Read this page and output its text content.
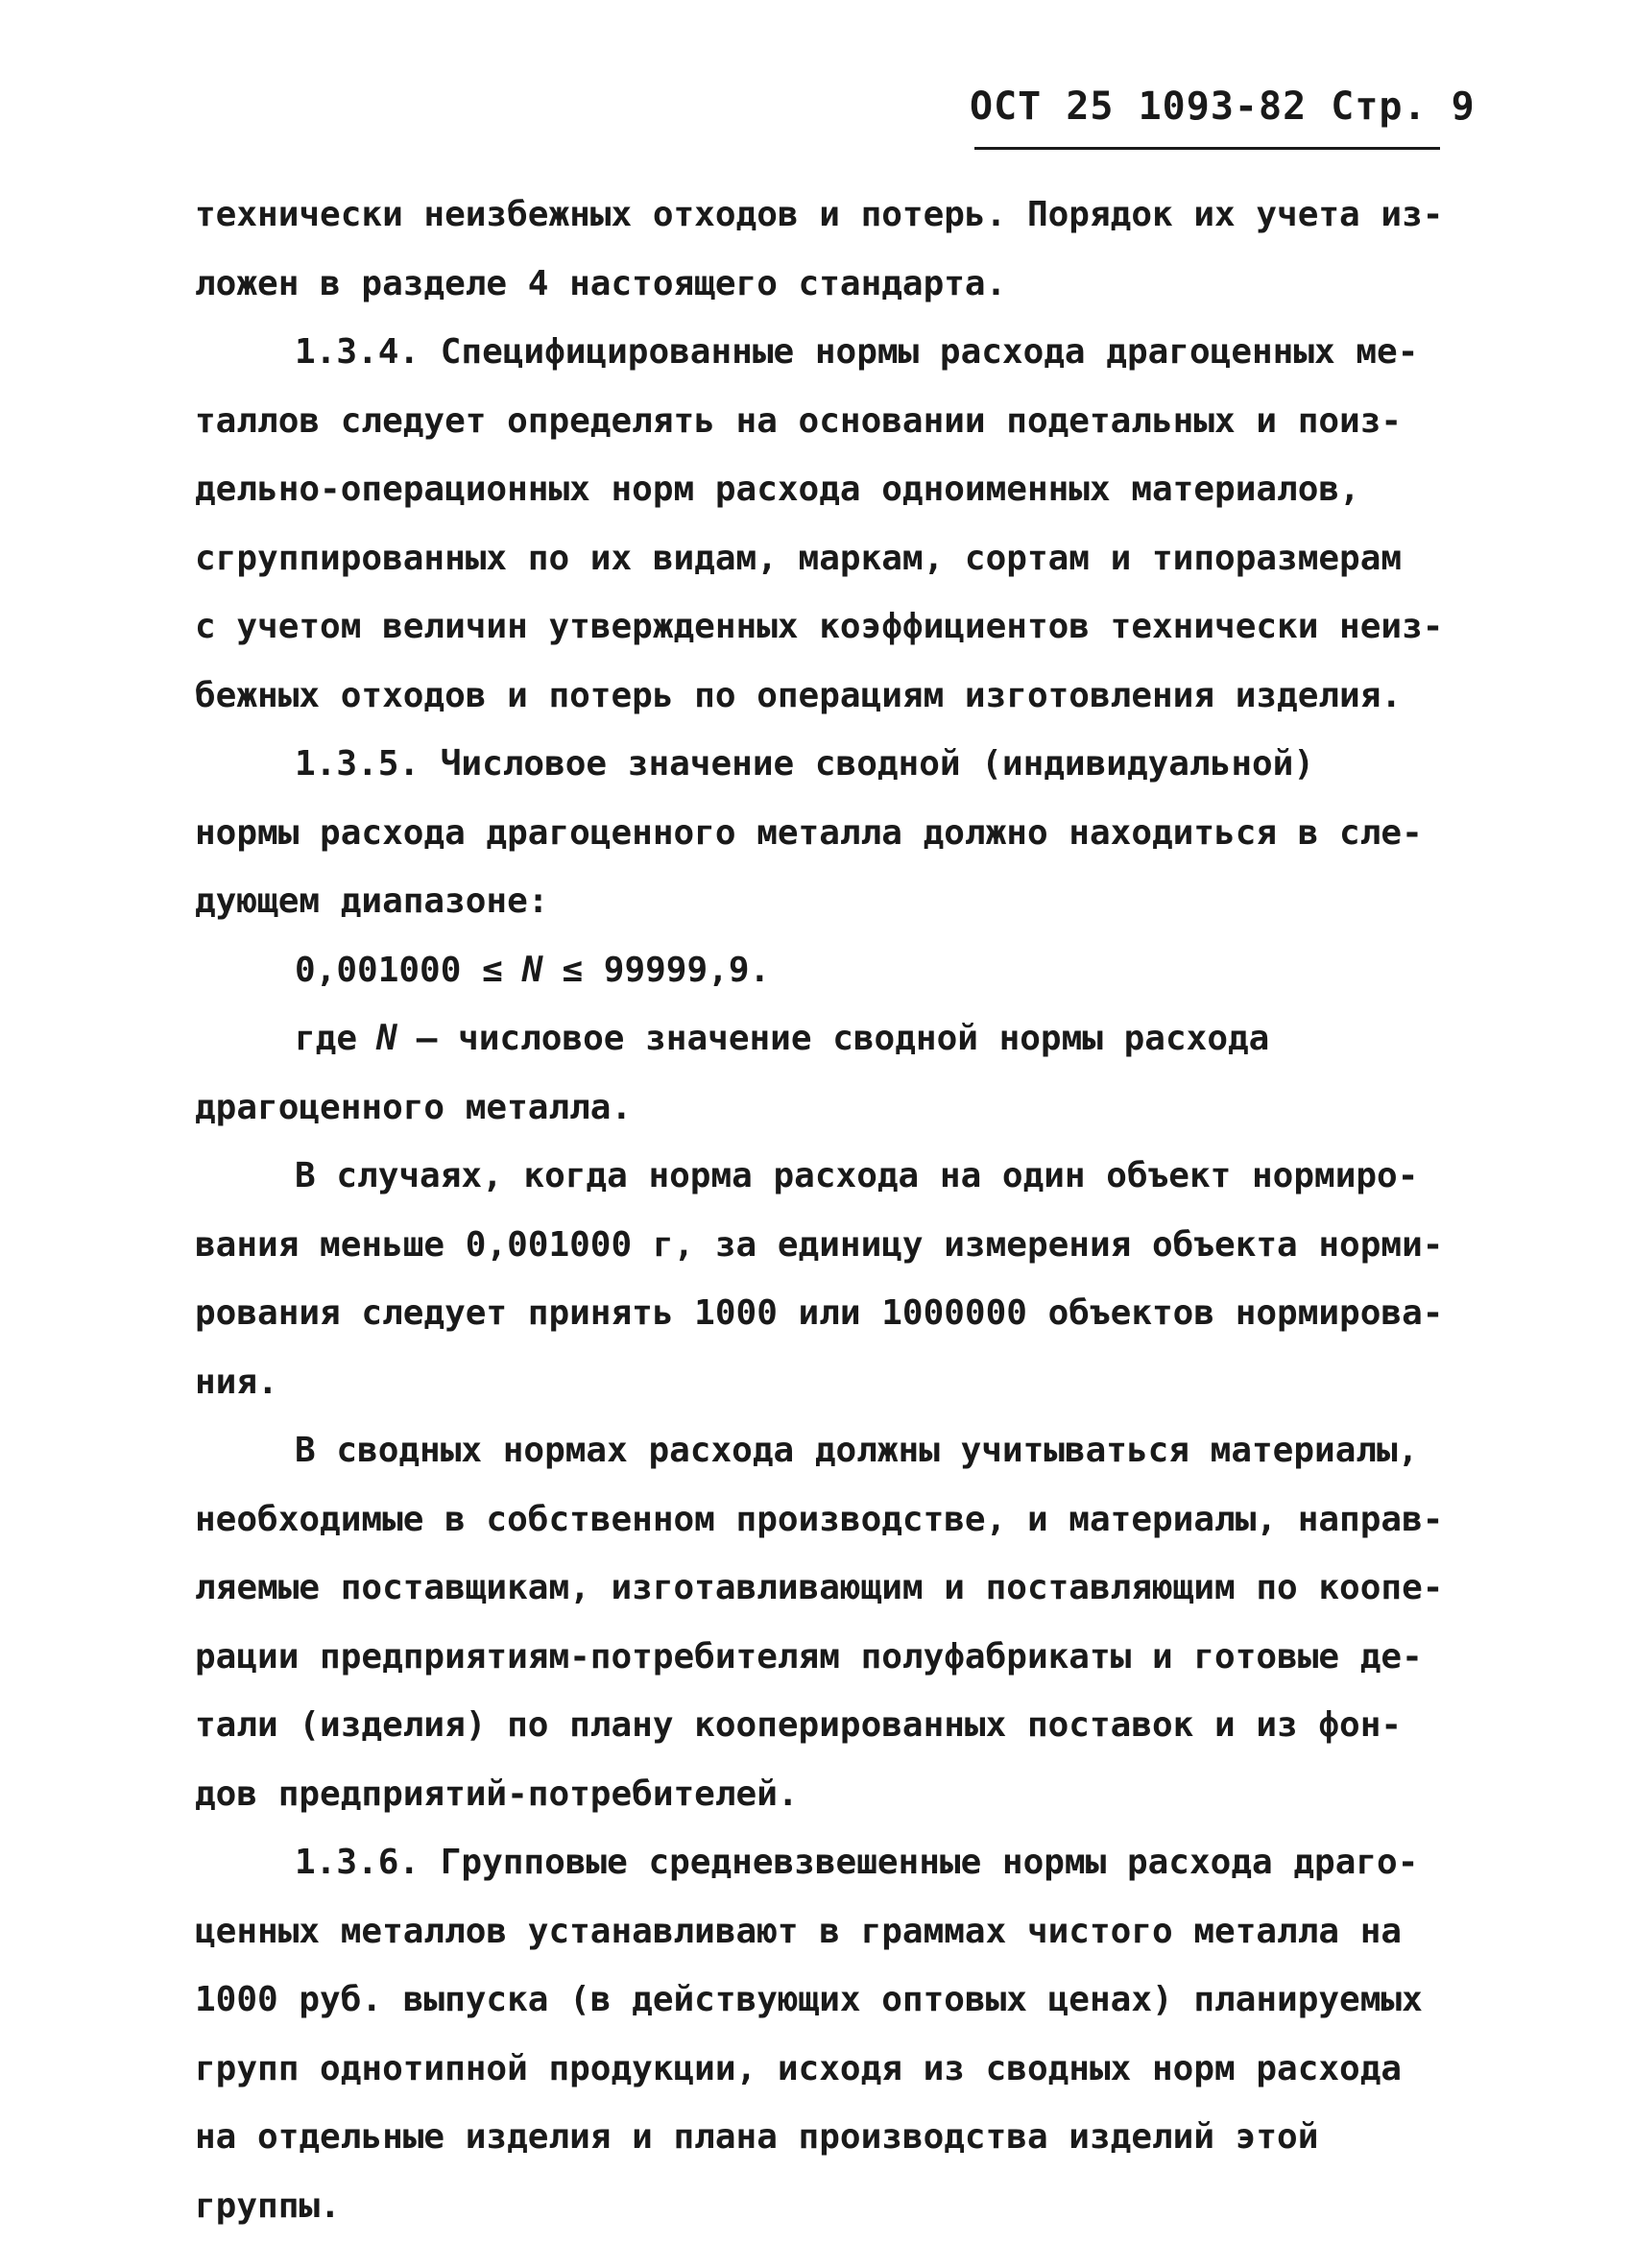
ОСТ 25 1093-82 Стр. 9
технически неизбежных отходов и потерь. Порядок их учета из-
ложен в разделе 4 настоящего стандарта.
1.3.4. Специфицированные нормы расхода драгоценных ме-
таллов следует определять на основании подетальных и поиз-
дельно-операционных норм расхода одноименных материалов,
сгруппированных по их видам, маркам, сортам и типоразмерам
с учетом величин утвержденных коэффициентов технически неиз-
бежных отходов и потерь по операциям изготовления изделия.
1.3.5. Числовое значение сводной (индивидуальной)
нормы расхода драгоценного металла должно находиться в сле-
дующем диапазоне:
0,001000 ≤ N ≤ 99999,9.
где N – числовое значение сводной нормы расхода
драгоценного металла.
В случаях, когда норма расхода на один объект нормиро-
вания меньше 0,001000 г, за единицу измерения объекта норми-
рования следует принять 1000 или 1000000 объектов нормирова-
ния.
В сводных нормах расхода должны учитываться материалы,
необходимые в собственном производстве, и материалы, направ-
ляемые поставщикам, изготавливающим и поставляющим по коопе-
рации предприятиям-потребителям полуфабрикаты и готовые де-
тали (изделия) по плану кооперированных поставок и из фон-
дов предприятий-потребителей.
1.3.6. Групповые средневзвешенные нормы расхода драго-
ценных металлов устанавливают в граммах чистого металла на
1000 руб. выпуска (в действующих оптовых ценах) планируемых
групп однотипной продукции, исходя из сводных норм расхода
на отдельные изделия и плана производства изделий этой
группы.
